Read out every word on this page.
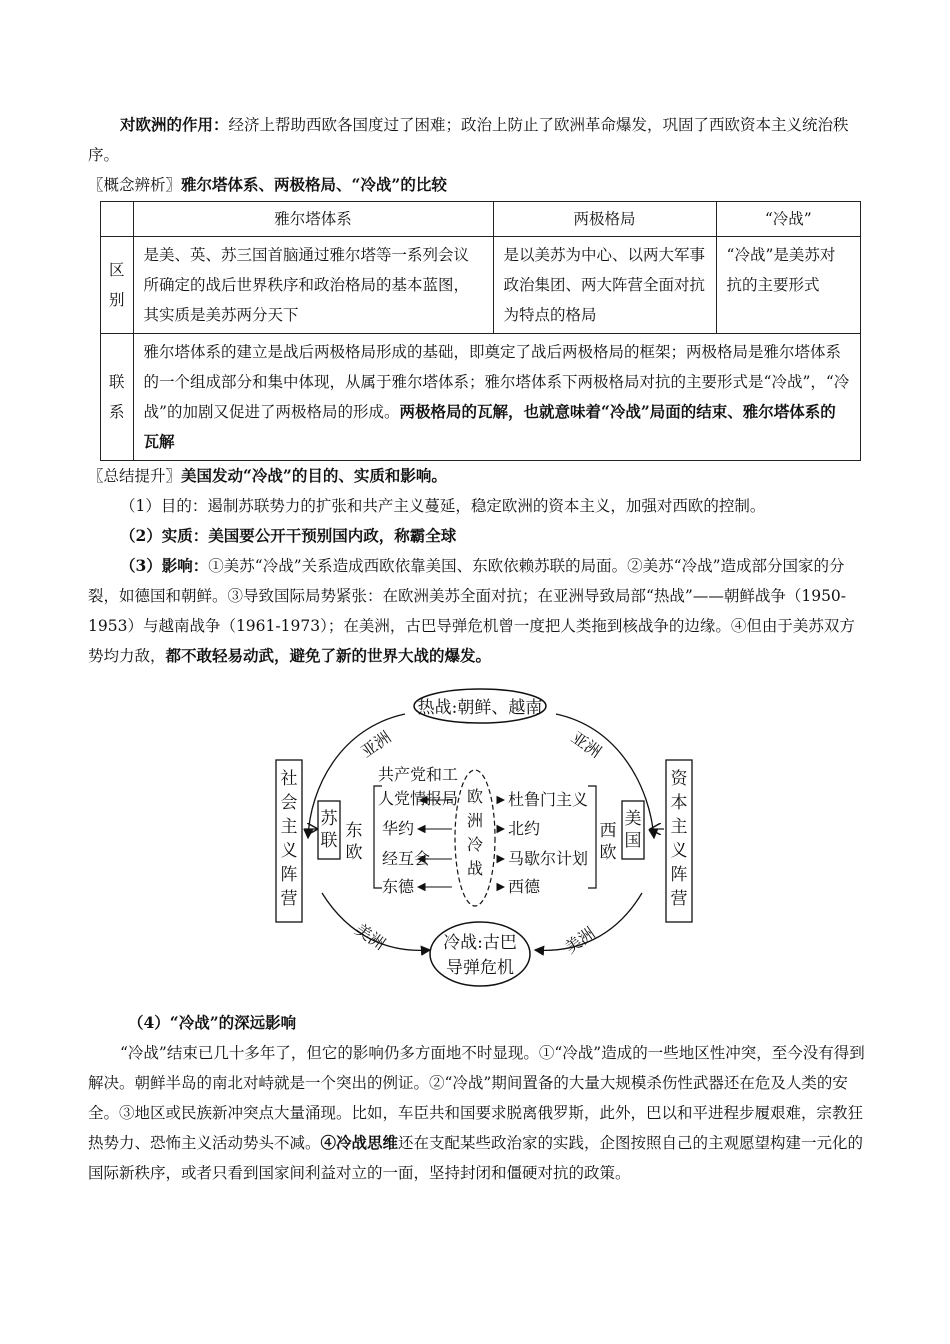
对欧洲的作用：经济上帮助西欧各国度过了困难；政治上防止了欧洲革命爆发，巩固了西欧资本主义统治秩序。

〖概念辨析〗雅尔塔体系、两极格局、“冷战”的比较

	雅尔塔体系	两极格局	“冷战”
区
别	是美、英、苏三国首脑通过雅尔塔等一系列会议所确定的战后世界秩序和政治格局的基本蓝图，其实质是美苏两分天下	是以美苏为中心、以两大军事政治集团、两大阵营全面对抗为特点的格局	“冷战”是美苏对抗的主要形式
联
系	雅尔塔体系的建立是战后两极格局形成的基础，即奠定了战后两极格局的框架；两极格局是雅尔塔体系的一个组成部分和集中体现，从属于雅尔塔体系；雅尔塔体系下两极格局对抗的主要形式是“冷战”，“冷战”的加剧又促进了两极格局的形成。两极格局的瓦解，也就意味着“冷战”局面的结束、雅尔塔体系的瓦解		

〖总结提升〗美国发动“冷战”的目的、实质和影响。

（1）目的：遏制苏联势力的扩张和共产主义蔓延，稳定欧洲的资本主义，加强对西欧的控制。

（2）实质：美国要公开干预别国内政，称霸全球

（3）影响：①美苏“冷战”关系造成西欧依靠美国、东欧依赖苏联的局面。②美苏“冷战”造成部分国家的分裂，如德国和朝鲜。③导致国际局势紧张：在欧洲美苏全面对抗；在亚洲导致局部“热战”——朝鲜战争（1950-1953）与越南战争（1961-1973）；在美洲，古巴导弹危机曾一度把人类拖到核战争的边缘。④但由于美苏双方势均力敌，都不敢轻易动武，避免了新的世界大战的爆发。

热战:朝鲜、越南
冷战:古巴
导弹危机
社会主义阵营
资本主义阵营
苏联
美国
东欧
西欧
亚洲	亚洲
美洲	美洲
共产党和工
人党情报局
华约
经互会
东德
欧洲冷战
杜鲁门主义
北约
马歇尔计划
西德

（4）“冷战”的深远影响

“冷战”结束已几十多年了，但它的影响仍多方面地不时显现。①“冷战”造成的一些地区性冲突，至今没有得到解决。朝鲜半岛的南北对峙就是一个突出的例证。②“冷战”期间置备的大量大规模杀伤性武器还在危及人类的安全。③地区或民族新冲突点大量涌现。比如，车臣共和国要求脱离俄罗斯，此外，巴以和平进程步履艰难，宗教狂热势力、恐怖主义活动势头不减。④冷战思维还在支配某些政治家的实践，企图按照自己的主观愿望构建一元化的国际新秩序，或者只看到国家间利益对立的一面，坚持封闭和僵硬对抗的政策。
